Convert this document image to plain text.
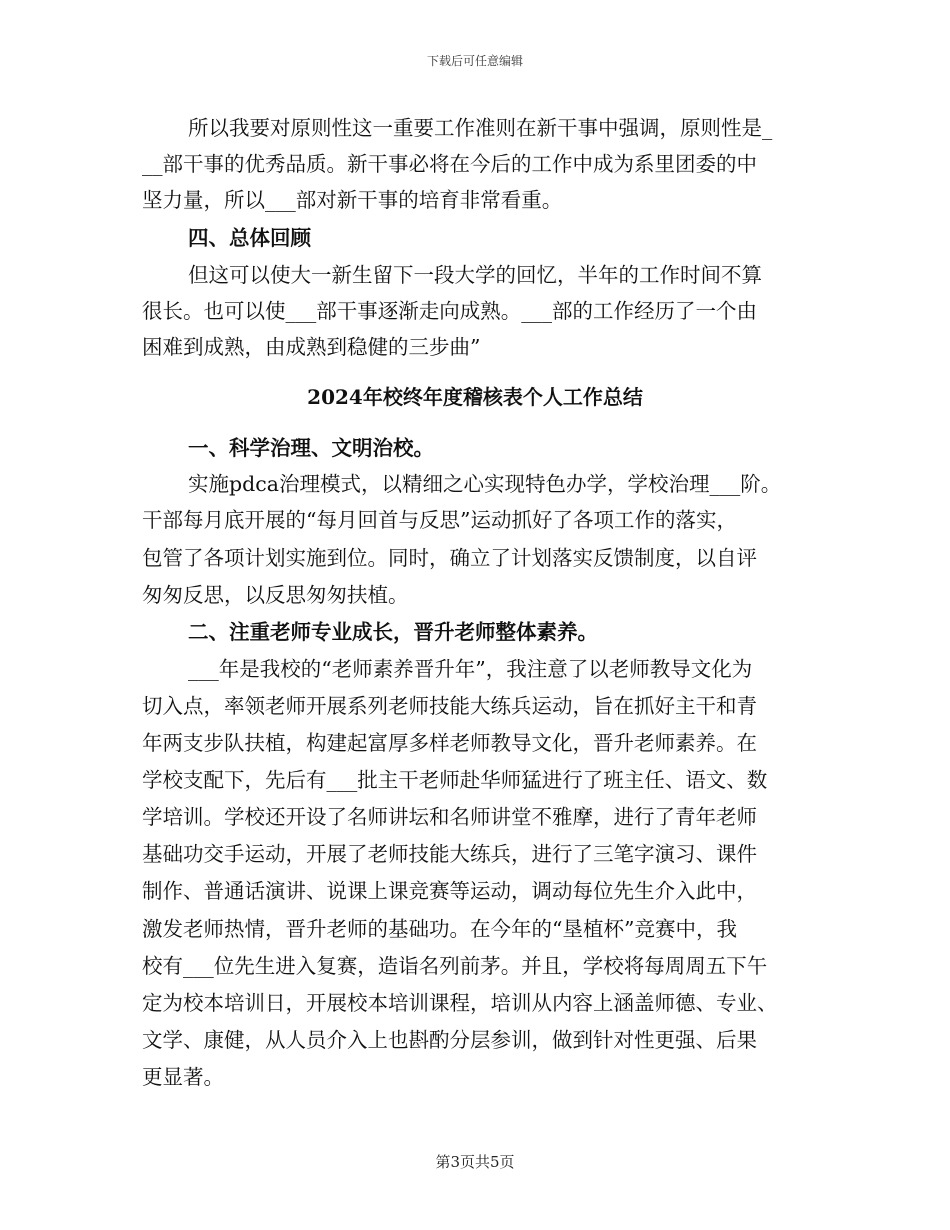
下载后可任意编辑
所以我要对原则性这一重要工作准则在新干事中强调，原则性是_
__部干事的优秀品质。新干事必将在今后的工作中成为系里团委的中
坚力量，所以___部对新干事的培育非常看重。
四、总体回顾
但这可以使大一新生留下一段大学的回忆，半年的工作时间不算
很长。也可以使___部干事逐渐走向成熟。___部的工作经历了一个由
困难到成熟，由成熟到稳健的三步曲”
2024年校终年度稽核表个人工作总结
一、科学治理、文明治校。
实施pdca治理模式，以精细之心实现特色办学，学校治理___阶。
干部每月底开展的“每月回首与反思”运动抓好了各项工作的落实，
包管了各项计划实施到位。同时，确立了计划落实反馈制度，以自评
匆匆反思，以反思匆匆扶植。
二、注重老师专业成长，晋升老师整体素养。
___年是我校的“老师素养晋升年”，我注意了以老师教导文化为
切入点，率领老师开展系列老师技能大练兵运动，旨在抓好主干和青
年两支步队扶植，构建起富厚多样老师教导文化，晋升老师素养。在
学校支配下，先后有___批主干老师赴华师猛进行了班主任、语文、数
学培训。学校还开设了名师讲坛和名师讲堂不雅摩，进行了青年老师
基础功交手运动，开展了老师技能大练兵，进行了三笔字演习、课件
制作、普通话演讲、说课上课竞赛等运动，调动每位先生介入此中，
激发老师热情，晋升老师的基础功。在今年的“垦植杯”竞赛中，我
校有___位先生进入复赛，造诣名列前茅。并且，学校将每周周五下午
定为校本培训日，开展校本培训课程，培训从内容上涵盖师德、专业、
文学、康健，从人员介入上也斟酌分层参训，做到针对性更强、后果
更显著。
第3页共5页
